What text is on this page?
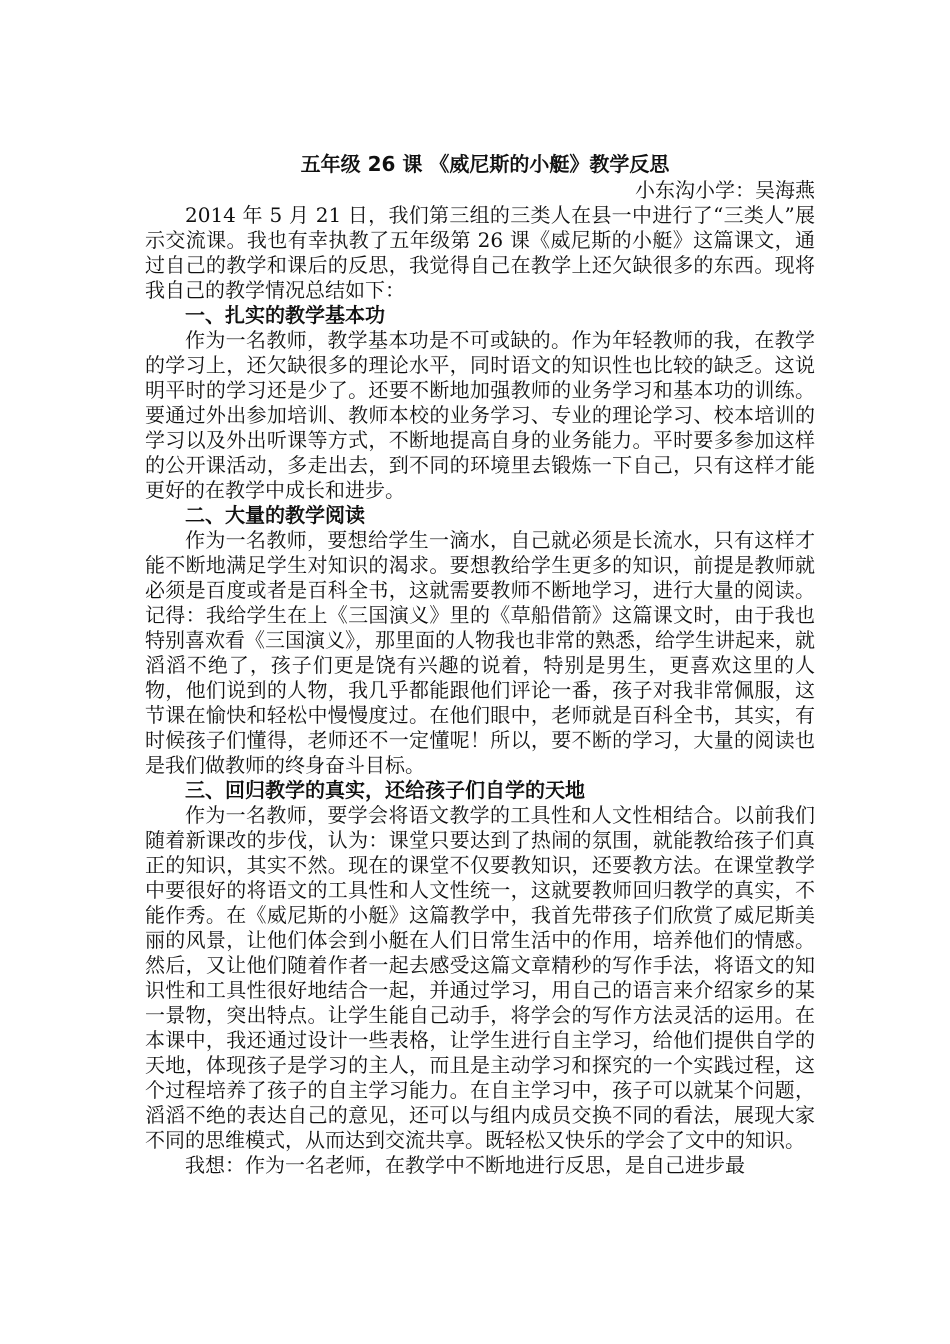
五年级 26 课 《威尼斯的小艇》教学反思
小东沟小学：吴海燕

2014 年 5 月 21 日，我们第三组的三类人在县一中进行了“三类人”展示交流课。我也有幸执教了五年级第 26 课《威尼斯的小艇》这篇课文，通过自己的教学和课后的反思，我觉得自己在教学上还欠缺很多的东西。现将我自己的教学情况总结如下：

一、扎实的教学基本功

作为一名教师，教学基本功是不可或缺的。作为年轻教师的我，在教学的学习上，还欠缺很多的理论水平，同时语文的知识性也比较的缺乏。这说明平时的学习还是少了。还要不断地加强教师的业务学习和基本功的训练。要通过外出参加培训、教师本校的业务学习、专业的理论学习、校本培训的学习以及外出听课等方式，不断地提高自身的业务能力。平时要多参加这样的公开课活动，多走出去，到不同的环境里去锻炼一下自己，只有这样才能更好的在教学中成长和进步。

二、大量的教学阅读

作为一名教师，要想给学生一滴水，自己就必须是长流水，只有这样才能不断地满足学生对知识的渴求。要想教给学生更多的知识，前提是教师就必须是百度或者是百科全书，这就需要教师不断地学习，进行大量的阅读。记得：我给学生在上《三国演义》里的《草船借箭》这篇课文时，由于我也特别喜欢看《三国演义》，那里面的人物我也非常的熟悉，给学生讲起来，就滔滔不绝了，孩子们更是饶有兴趣的说着，特别是男生，更喜欢这里的人物，他们说到的人物，我几乎都能跟他们评论一番，孩子对我非常佩服，这节课在愉快和轻松中慢慢度过。在他们眼中，老师就是百科全书，其实，有时候孩子们懂得，老师还不一定懂呢！所以，要不断的学习，大量的阅读也是我们做教师的终身奋斗目标。

三、回归教学的真实，还给孩子们自学的天地

作为一名教师，要学会将语文教学的工具性和人文性相结合。以前我们随着新课改的步伐，认为：课堂只要达到了热闹的氛围，就能教给孩子们真正的知识，其实不然。现在的课堂不仅要教知识，还要教方法。在课堂教学中要很好的将语文的工具性和人文性统一，这就要教师回归教学的真实，不能作秀。在《威尼斯的小艇》这篇教学中，我首先带孩子们欣赏了威尼斯美丽的风景，让他们体会到小艇在人们日常生活中的作用，培养他们的情感。然后，又让他们随着作者一起去感受这篇文章精秒的写作手法，将语文的知识性和工具性很好地结合一起，并通过学习，用自己的语言来介绍家乡的某一景物，突出特点。让学生能自己动手，将学会的写作方法灵活的运用。在本课中，我还通过设计一些表格，让学生进行自主学习，给他们提供自学的天地，体现孩子是学习的主人，而且是主动学习和探究的一个实践过程，这个过程培养了孩子的自主学习能力。在自主学习中，孩子可以就某个问题，滔滔不绝的表达自己的意见，还可以与组内成员交换不同的看法，展现大家不同的思维模式，从而达到交流共享。既轻松又快乐的学会了文中的知识。

我想：作为一名老师，在教学中不断地进行反思，是自己进步最
